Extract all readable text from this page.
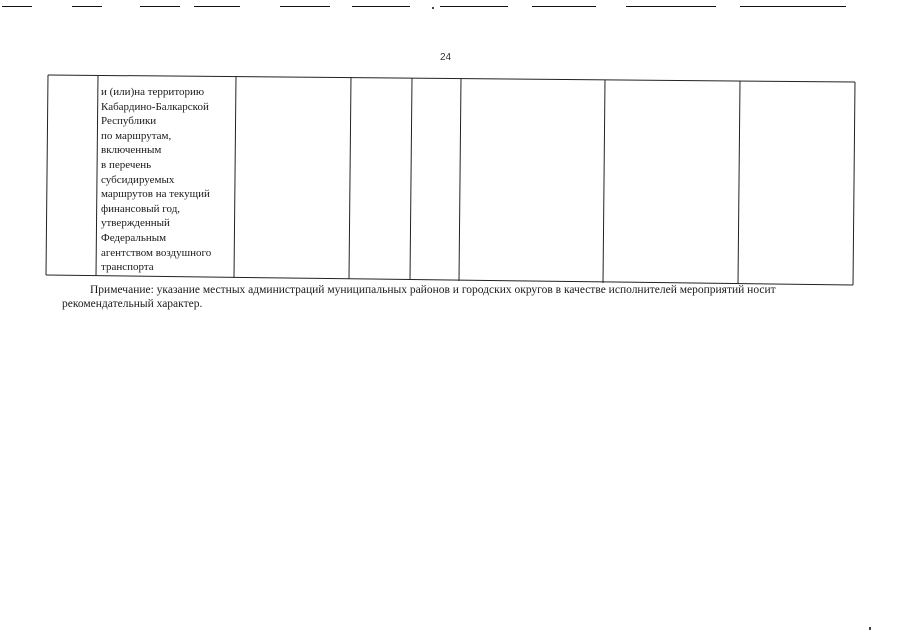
24
и (или)на территорию
Кабардино-Балкарской
Республики
по маршрутам,
включенным
в перечень
субсидируемых
маршрутов на текущий
финансовый год,
утвержденный
Федеральным
агентством воздушного
транспорта
Примечание: указание местных администраций муниципальных районов и городских округов в качестве исполнителей мероприятий носит рекомендательный характер.
